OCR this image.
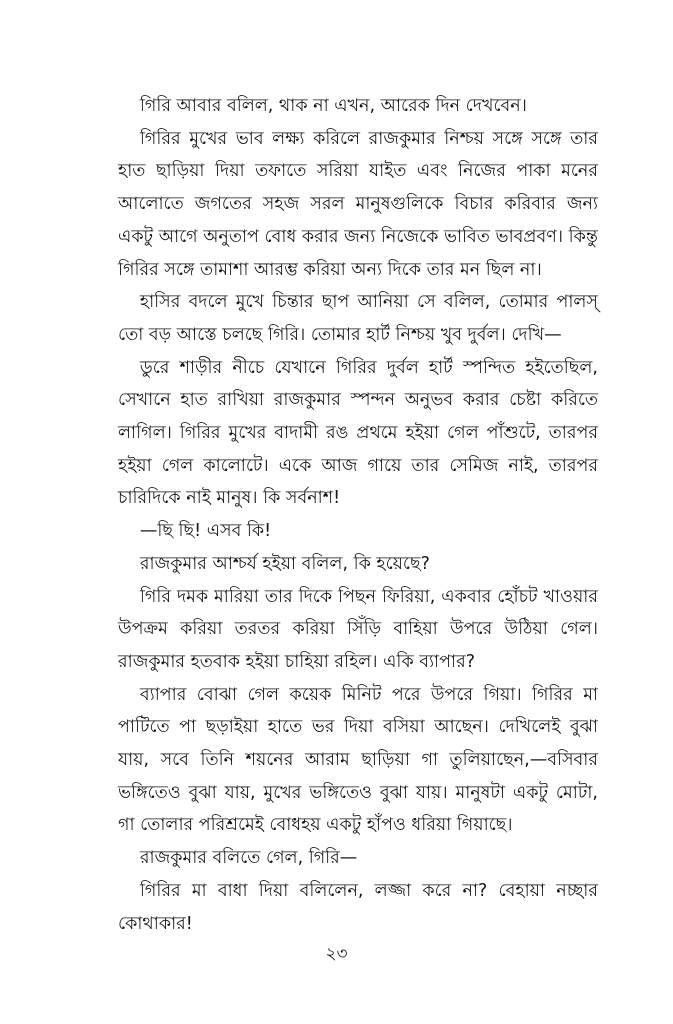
গিরি আবার বলিল, থাক না এখন, আরেক দিন দেখবেন।

গিরির মুখের ভাব লক্ষ্য করিলে রাজকুমার নিশ্চয় সঙ্গে সঙ্গে তার হাত ছাড়িয়া দিয়া তফাতে সরিয়া যাইত এবং নিজের পাকা মনের আলোতে জগতের সহজ সরল মানুষগুলিকে বিচার করিবার জন্য একটু আগে অনুতাপ বোধ করার জন্য নিজেকে ভাবিত ভাবপ্রবণ। কিন্তু গিরির সঙ্গে তামাশা আরম্ভ করিয়া অন্য দিকে তার মন ছিল না।

হাসির বদলে মুখে চিন্তার ছাপ আনিয়া সে বলিল, তোমার পালস্ তো বড় আস্তে চলছে গিরি। তোমার হার্ট নিশ্চয় খুব দুর্বল। দেখি—

ডুরে শাড়ীর নীচে যেখানে গিরির দুর্বল হার্ট স্পন্দিত হইতেছিল, সেখানে হাত রাখিয়া রাজকুমার স্পন্দন অনুভব করার চেষ্টা করিতে লাগিল। গিরির মুখের বাদামী রঙ প্রথমে হইয়া গেল পাঁশুটে, তারপর হইয়া গেল কালোটে। একে আজ গায়ে তার সেমিজ নাই, তারপর চারিদিকে নাই মানুষ। কি সর্বনাশ!

—ছি ছি! এসব কি!

রাজকুমার আশ্চর্য হইয়া বলিল, কি হয়েছে?

গিরি দমক মারিয়া তার দিকে পিছন ফিরিয়া, একবার হোঁচট খাওয়ার উপক্রম করিয়া তরতর করিয়া সিঁড়ি বাহিয়া উপরে উঠিয়া গেল। রাজকুমার হতবাক হইয়া চাহিয়া রহিল। একি ব্যাপার?

ব্যাপার বোঝা গেল কয়েক মিনিট পরে উপরে গিয়া। গিরির মা পাটিতে পা ছড়াইয়া হাতে ভর দিয়া বসিয়া আছেন। দেখিলেই বুঝা যায়, সবে তিনি শয়নের আরাম ছাড়িয়া গা তুলিয়াছেন,—বসিবার ভঙ্গিতেও বুঝা যায়, মুখের ভঙ্গিতেও বুঝা যায়। মানুষটা একটু মোটা, গা তোলার পরিশ্রমেই বোধহয় একটু হাঁপও ধরিয়া গিয়াছে।

রাজকুমার বলিতে গেল, গিরি—

গিরির মা বাধা দিয়া বলিলেন, লজ্জা করে না? বেহায়া নচ্ছার কোথাকার!

২৩
